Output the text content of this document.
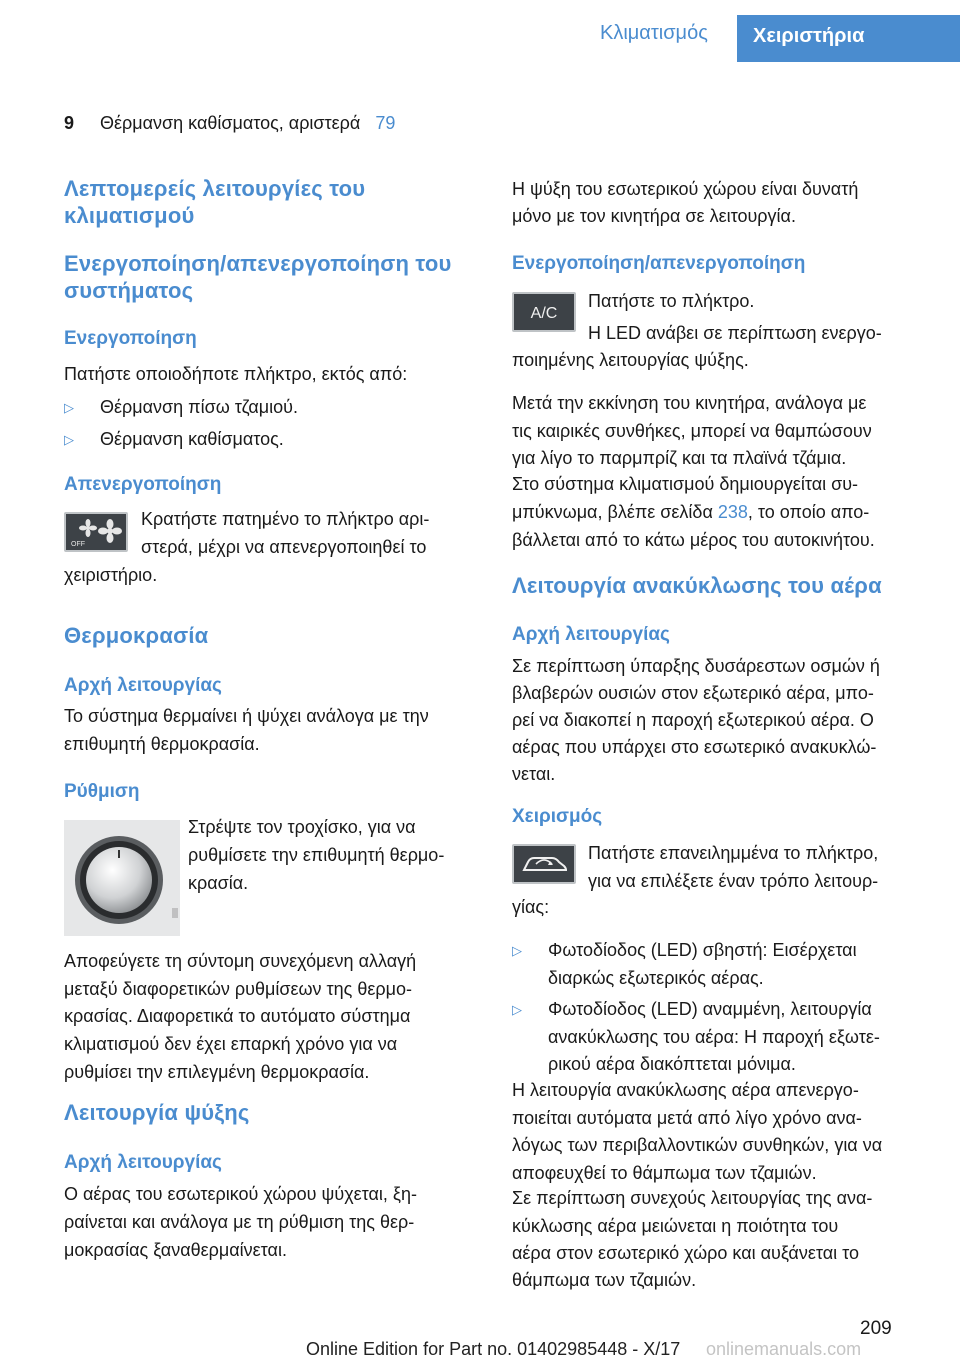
Κλιματισμός	Χειριστήρια
9 Θέρμανση καθίσματος, αριστερά 79
Λεπτομερείς λειτουργίες του κλιματισμού
Ενεργοποίηση/απενεργοποίηση του συστήματος
Ενεργοποίηση
Πατήστε οποιοδήποτε πλήκτρο, εκτός από:
▷ Θέρμανση πίσω τζαμιού.
▷ Θέρμανση καθίσματος.
Απενεργοποίηση
OFF
Κρατήστε πατημένο το πλήκτρο αρι‐
στερά, μέχρι να απενεργοποιηθεί το
χειριστήριο.
Θερμοκρασία
Αρχή λειτουργίας
Το σύστημα θερμαίνει ή ψύχει ανάλογα με την
επιθυμητή θερμοκρασία.
Ρύθμιση
Στρέψτε τον τροχίσκο, για να
ρυθμίσετε την επιθυμητή θερμο‐
κρασία.
Αποφεύγετε τη σύντομη συνεχόμενη αλλαγή
μεταξύ διαφορετικών ρυθμίσεων της θερμο‐
κρασίας. Διαφορετικά το αυτόματο σύστημα
κλιματισμού δεν έχει επαρκή χρόνο για να
ρυθμίσει την επιλεγμένη θερμοκρασία.
Λειτουργία ψύξης
Αρχή λειτουργίας
Ο αέρας του εσωτερικού χώρου ψύχεται, ξη‐
ραίνεται και ανάλογα με τη ρύθμιση της θερ‐
μοκρασίας ξαναθερμαίνεται.
Η ψύξη του εσωτερικού χώρου είναι δυνατή
μόνο με τον κινητήρα σε λειτουργία.
Ενεργοποίηση/απενεργοποίηση
A/C
Πατήστε το πλήκτρο.
Η LED ανάβει σε περίπτωση ενεργο‐
ποιημένης λειτουργίας ψύξης.
Μετά την εκκίνηση του κινητήρα, ανάλογα με
τις καιρικές συνθήκες, μπορεί να θαμπώσουν
για λίγο το παρμπρίζ και τα πλαϊνά τζάμια.
Στο σύστημα κλιματισμού δημιουργείται συ‐
μπύκνωμα, βλέπε σελίδα 238, το οποίο απο‐
βάλλεται από το κάτω μέρος του αυτοκινήτου.
Λειτουργία ανακύκλωσης του αέρα
Αρχή λειτουργίας
Σε περίπτωση ύπαρξης δυσάρεστων οσμών ή
βλαβερών ουσιών στον εξωτερικό αέρα, μπο‐
ρεί να διακοπεί η παροχή εξωτερικού αέρα. Ο
αέρας που υπάρχει στο εσωτερικό ανακυκλώ‐
νεται.
Χειρισμός
Πατήστε επανειλημμένα το πλήκτρο,
για να επιλέξετε έναν τρόπο λειτουρ‐
γίας:
▷ Φωτοδίοδος (LED) σβηστή: Εισέρχεται
διαρκώς εξωτερικός αέρας.
▷ Φωτοδίοδος (LED) αναμμένη, λειτουργία
ανακύκλωσης του αέρα: Η παροχή εξωτε‐
ρικού αέρα διακόπτεται μόνιμα.
Η λειτουργία ανακύκλωσης αέρα απενεργο‐
ποιείται αυτόματα μετά από λίγο χρόνο ανα‐
λόγως των περιβαλλοντικών συνθηκών, για να
αποφευχθεί το θάμπωμα των τζαμιών.
Σε περίπτωση συνεχούς λειτουργίας της ανα‐
κύκλωσης αέρα μειώνεται η ποιότητα του
αέρα στον εσωτερικό χώρο και αυξάνεται το
θάμπωμα των τζαμιών.
209
Online Edition for Part no. 01402985448 - X/17 onlinemanuals.com
